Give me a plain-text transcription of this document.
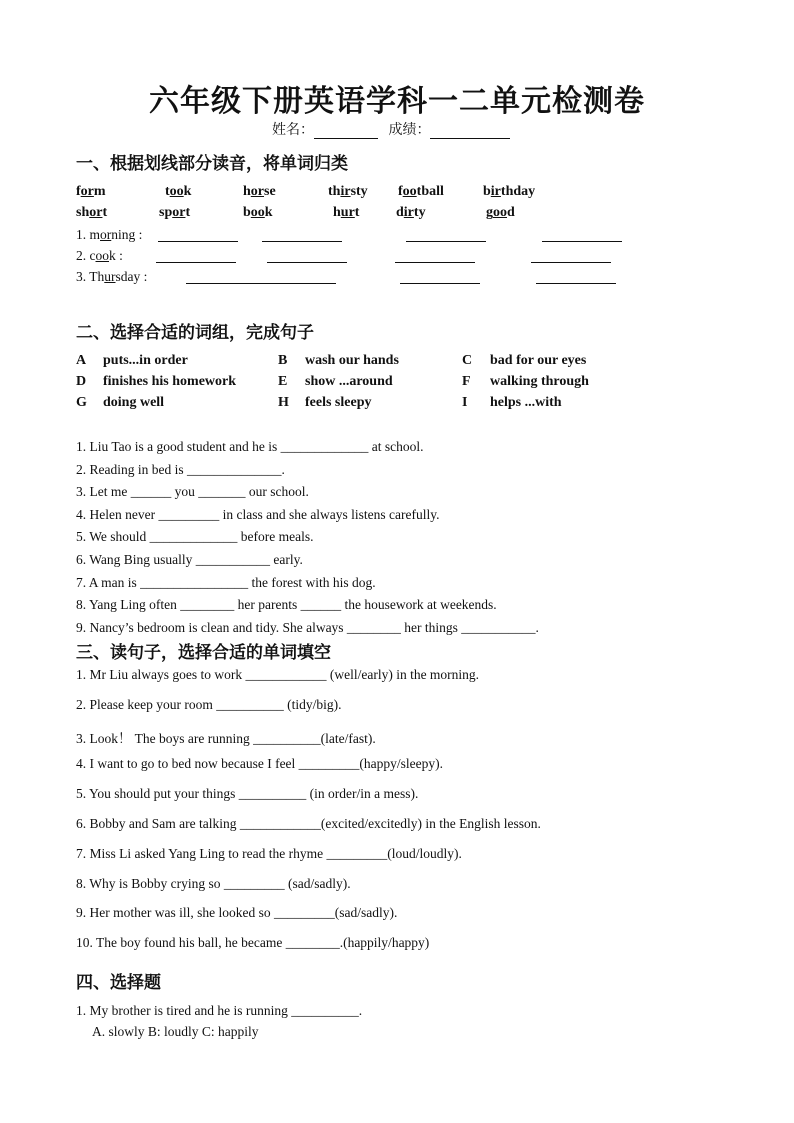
六年级下册英语学科一二单元检测卷
姓名：	成绩：
一、根据划线部分读音，将单词归类
form	took	horse	thirsty football	birthday
short	sport	book	hurt	dirty	good
1. morning :
2. cook :
3. Thursday :
二、选择合适的词组，完成句子
A puts...in order	B wash our hands	C bad for our eyes
D finishes his homework	E show ...around	F walking through
G doing well	H feels sleepy	I helps ...with
1. Liu Tao is a good student and he is _____________ at school.
2. Reading in bed is ______________.
3. Let me ______ you _______ our school.
4. Helen never _________ in class and she always listens carefully.
5. We should _____________ before meals.
6. Wang Bing usually ___________ early.
7. A man is ________________ the forest with his dog.
8. Yang Ling often ________ her parents ______ the housework at weekends.
9. Nancy’s bedroom is clean and tidy. She always ________ her things ___________.
三、读句子，选择合适的单词填空
1. Mr Liu always goes to work ____________ (well/early) in the morning.
2. Please keep your room __________ (tidy/big).
3. Look！ The boys are running __________(late/fast).
4. I want to go to bed now because I feel _________(happy/sleepy).
5. You should put your things __________ (in order/in a mess).
6. Bobby and Sam are talking ____________(excited/excitedly) in the English lesson.
7. Miss Li asked Yang Ling to read the rhyme _________(loud/loudly).
8. Why is Bobby crying so _________ (sad/sadly).
9. Her mother was ill, she looked so _________(sad/sadly).
10. The boy found his ball, he became ________.(happily/happy)
四、选择题
1. My brother is tired and he is running __________.
A. slowly B: loudly C: happily
